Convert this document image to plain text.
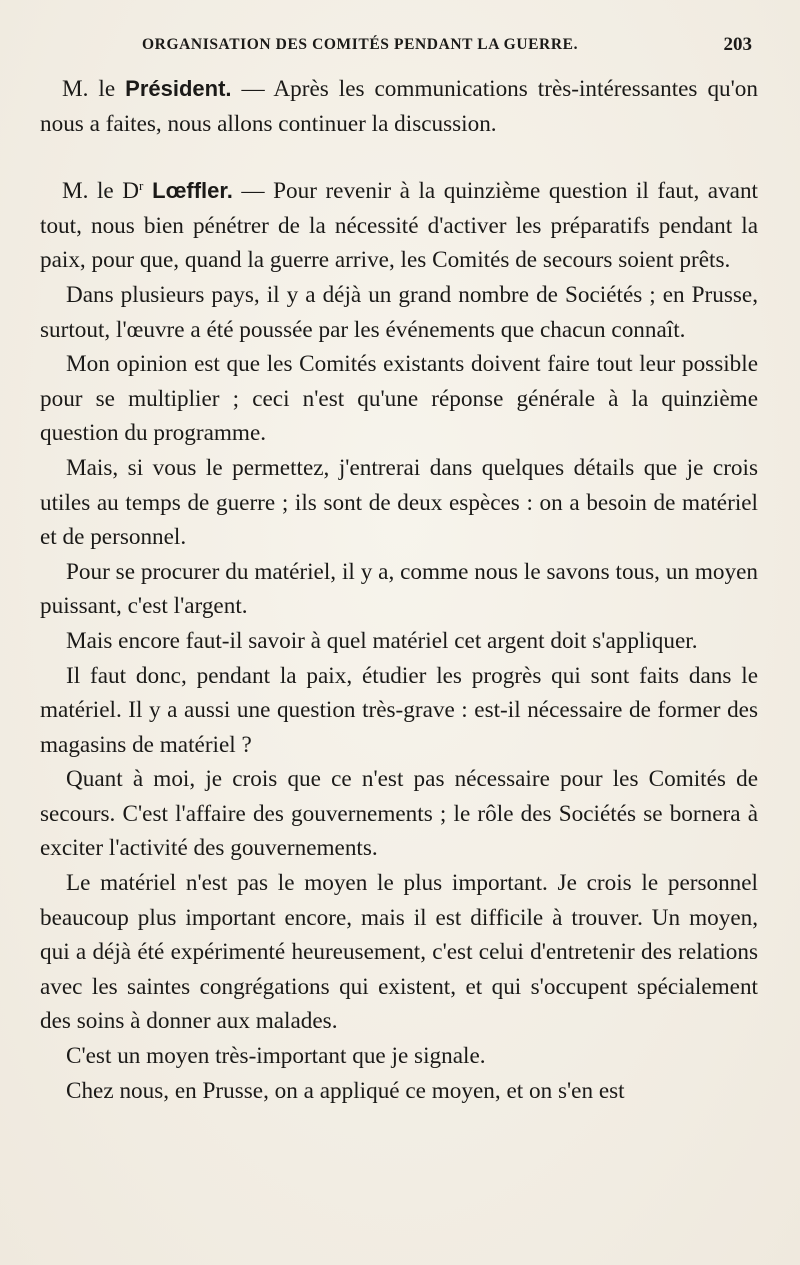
ORGANISATION DES COMITÉS PENDANT LA GUERRE.	203

M. le Président. — Après les communications très-intéressantes qu'on nous a faites, nous allons continuer la discussion.

M. le $D^r$ Lœffler. — Pour revenir à la quinzième question il faut, avant tout, nous bien pénétrer de la nécessité d'activer les préparatifs pendant la paix, pour que, quand la guerre arrive, les Comités de secours soient prêts.

Dans plusieurs pays, il y a déjà un grand nombre de Sociétés ; en Prusse, surtout, l'œuvre a été poussée par les événements que chacun connaît.

Mon opinion est que les Comités existants doivent faire tout leur possible pour se multiplier ; ceci n'est qu'une réponse générale à la quinzième question du programme.

Mais, si vous le permettez, j'entrerai dans quelques détails que je crois utiles au temps de guerre ; ils sont de deux espèces : on a besoin de matériel et de personnel.

Pour se procurer du matériel, il y a, comme nous le savons tous, un moyen puissant, c'est l'argent.

Mais encore faut-il savoir à quel matériel cet argent doit s'appliquer.

Il faut donc, pendant la paix, étudier les progrès qui sont faits dans le matériel. Il y a aussi une question très-grave : est-il nécessaire de former des magasins de matériel ?

Quant à moi, je crois que ce n'est pas nécessaire pour les Comités de secours. C'est l'affaire des gouvernements ; le rôle des Sociétés se bornera à exciter l'activité des gouvernements.

Le matériel n'est pas le moyen le plus important. Je crois le personnel beaucoup plus important encore, mais il est difficile à trouver. Un moyen, qui a déjà été expérimenté heureusement, c'est celui d'entretenir des relations avec les saintes congrégations qui existent, et qui s'occupent spécialement des soins à donner aux malades.

C'est un moyen très-important que je signale.

Chez nous, en Prusse, on a appliqué ce moyen, et on s'en est
